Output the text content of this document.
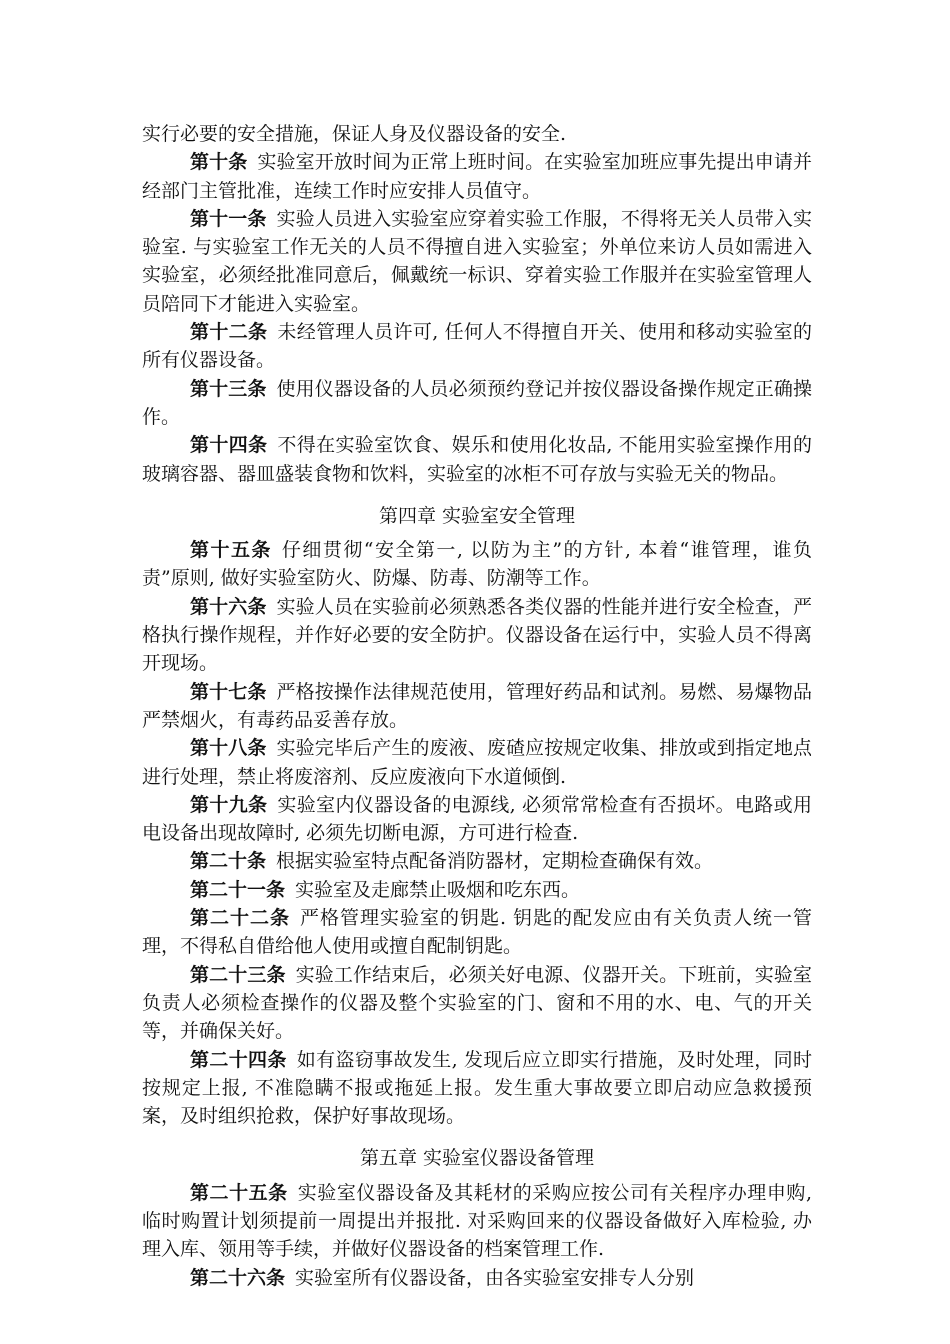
实行必要的安全措施，保证人身及仪器设备的安全.

第十条 实验室开放时间为正常上班时间。在实验室加班应事先提出申请并经部门主管批准，连续工作时应安排人员值守。

第十一条 实验人员进入实验室应穿着实验工作服，不得将无关人员带入实验室. 与实验室工作无关的人员不得擅自进入实验室；外单位来访人员如需进入实验室，必须经批准同意后，佩戴统一标识、穿着实验工作服并在实验室管理人员陪同下才能进入实验室。

第十二条 未经管理人员许可, 任何人不得擅自开关、使用和移动实验室的所有仪器设备。

第十三条 使用仪器设备的人员必须预约登记并按仪器设备操作规定正确操作。

第十四条 不得在实验室饮食、娱乐和使用化妆品, 不能用实验室操作用的玻璃容器、器皿盛装食物和饮料，实验室的冰柜不可存放与实验无关的物品。

第四章 实验室安全管理

第十五条 仔细贯彻“安全第一, 以防为主”的方针, 本着“谁管理，谁负责”原则, 做好实验室防火、防爆、防毒、防潮等工作。

第十六条 实验人员在实验前必须熟悉各类仪器的性能并进行安全检查，严格执行操作规程，并作好必要的安全防护。仪器设备在运行中，实验人员不得离开现场。

第十七条 严格按操作法律规范使用，管理好药品和试剂。易燃、易爆物品严禁烟火，有毒药品妥善存放。

第十八条 实验完毕后产生的废液、废碴应按规定收集、排放或到指定地点进行处理，禁止将废溶剂、反应废液向下水道倾倒.

第十九条 实验室内仪器设备的电源线, 必须常常检查有否损坏。电路或用电设备出现故障时, 必须先切断电源，方可进行检查.

第二十条 根据实验室特点配备消防器材，定期检查确保有效。

第二十一条 实验室及走廊禁止吸烟和吃东西。

第二十二条 严格管理实验室的钥匙. 钥匙的配发应由有关负责人统一管理，不得私自借给他人使用或擅自配制钥匙。

第二十三条 实验工作结束后，必须关好电源、仪器开关。下班前，实验室负责人必须检查操作的仪器及整个实验室的门、窗和不用的水、电、气的开关等，并确保关好。

第二十四条 如有盗窃事故发生, 发现后应立即实行措施，及时处理，同时按规定上报, 不准隐瞒不报或拖延上报。发生重大事故要立即启动应急救援预案，及时组织抢救，保护好事故现场。

第五章 实验室仪器设备管理

第二十五条 实验室仪器设备及其耗材的采购应按公司有关程序办理申购, 临时购置计划须提前一周提出并报批. 对采购回来的仪器设备做好入库检验, 办理入库、领用等手续，并做好仪器设备的档案管理工作.

第二十六条 实验室所有仪器设备，由各实验室安排专人分别
